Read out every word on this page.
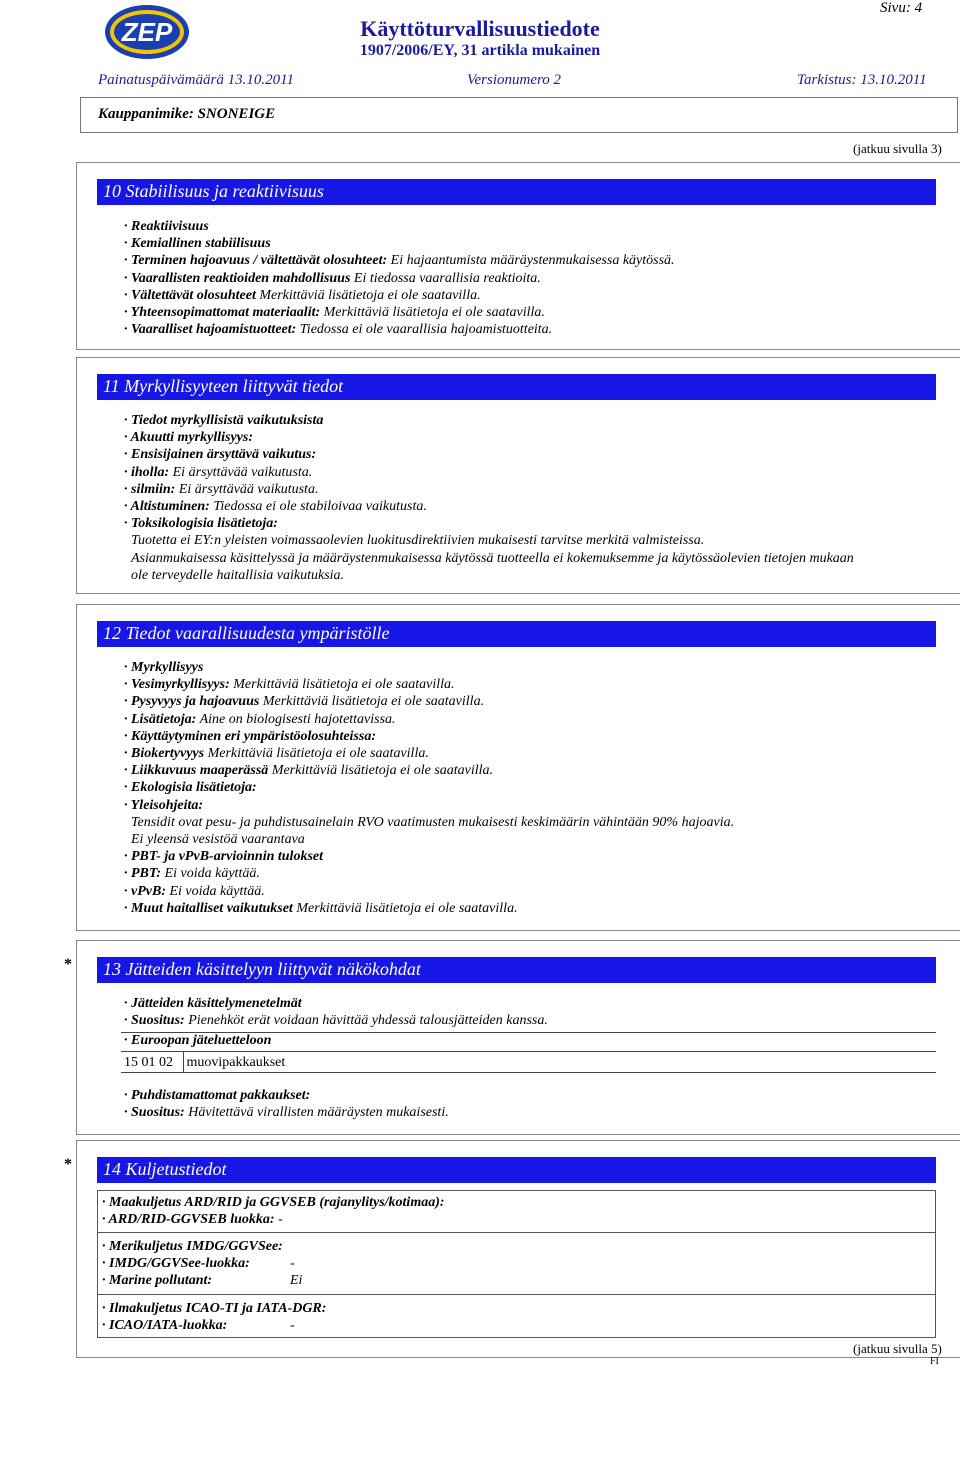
ZEP
Sivu: 4
Käyttöturvallisuustiedote
1907/2006/EY, 31 artikla mukainen
Painatuspäivämäärä 13.10.2011	Versionumero 2	Tarkistus: 13.10.2011
Kauppanimike: SNONEIGE
(jatkuu sivulla 3)
10 Stabiilisuus ja reaktiivisuus
· Reaktiivisuus
· Kemiallinen stabiilisuus
· Terminen hajoavuus / vältettävät olosuhteet: Ei hajaantumista määräystenmukaisessa käytössä.
· Vaarallisten reaktioiden mahdollisuus Ei tiedossa vaarallisia reaktioita.
· Vältettävät olosuhteet Merkittäviä lisätietoja ei ole saatavilla.
· Yhteensopimattomat materiaalit: Merkittäviä lisätietoja ei ole saatavilla.
· Vaaralliset hajoamistuotteet: Tiedossa ei ole vaarallisia hajoamistuotteita.
11 Myrkyllisyyteen liittyvät tiedot
· Tiedot myrkyllisistä vaikutuksista
· Akuutti myrkyllisyys:
· Ensisijainen ärsyttävä vaikutus:
· iholla: Ei ärsyttävää vaikutusta.
· silmiin: Ei ärsyttävää vaikutusta.
· Altistuminen: Tiedossa ei ole stabiloivaa vaikutusta.
· Toksikologisia lisätietoja:
Tuotetta ei EY:n yleisten voimassaolevien luokitusdirektiivien mukaisesti tarvitse merkitä valmisteissa.
Asianmukaisessa käsittelyssä ja määräystenmukaisessa käytössä tuotteella ei kokemuksemme ja käytössäolevien tietojen mukaan
ole terveydelle haitallisia vaikutuksia.
12 Tiedot vaarallisuudesta ympäristölle
· Myrkyllisyys
· Vesimyrkyllisyys: Merkittäviä lisätietoja ei ole saatavilla.
· Pysyvyys ja hajoavuus Merkittäviä lisätietoja ei ole saatavilla.
· Lisätietoja: Aine on biologisesti hajotettavissa.
· Käyttäytyminen eri ympäristöolosuhteissa:
· Biokertyvyys Merkittäviä lisätietoja ei ole saatavilla.
· Liikkuvuus maaperässä Merkittäviä lisätietoja ei ole saatavilla.
· Ekologisia lisätietoja:
· Yleisohjeita:
Tensidit ovat pesu- ja puhdistusainelain RVO vaatimusten mukaisesti keskimäärin vähintään 90% hajoavia.
Ei yleensä vesistöä vaarantava
· PBT- ja vPvB-arvioinnin tulokset
· PBT: Ei voida käyttää.
· vPvB: Ei voida käyttää.
· Muut haitalliset vaikutukset Merkittäviä lisätietoja ei ole saatavilla.
*	13 Jätteiden käsittelyyn liittyvät näkökohdat
· Jätteiden käsittelymenetelmät
· Suositus: Pienehköt erät voidaan hävittää yhdessä talousjätteiden kanssa.
· Euroopan jäteluetteloon
15 01 02	muovipakkaukset
· Puhdistamattomat pakkaukset:
· Suositus: Hävitettävä virallisten määräysten mukaisesti.
*	14 Kuljetustiedot
· Maakuljetus ARD/RID ja GGVSEB (rajanylitys/kotimaa):
· ARD/RID-GGVSEB luokka: -
· Merikuljetus IMDG/GGVSee:
· IMDG/GGVSee-luokka:	-
· Marine pollutant:	Ei
· Ilmakuljetus ICAO-TI ja IATA-DGR:
· ICAO/IATA-luokka:	-
(jatkuu sivulla 5)
FI
